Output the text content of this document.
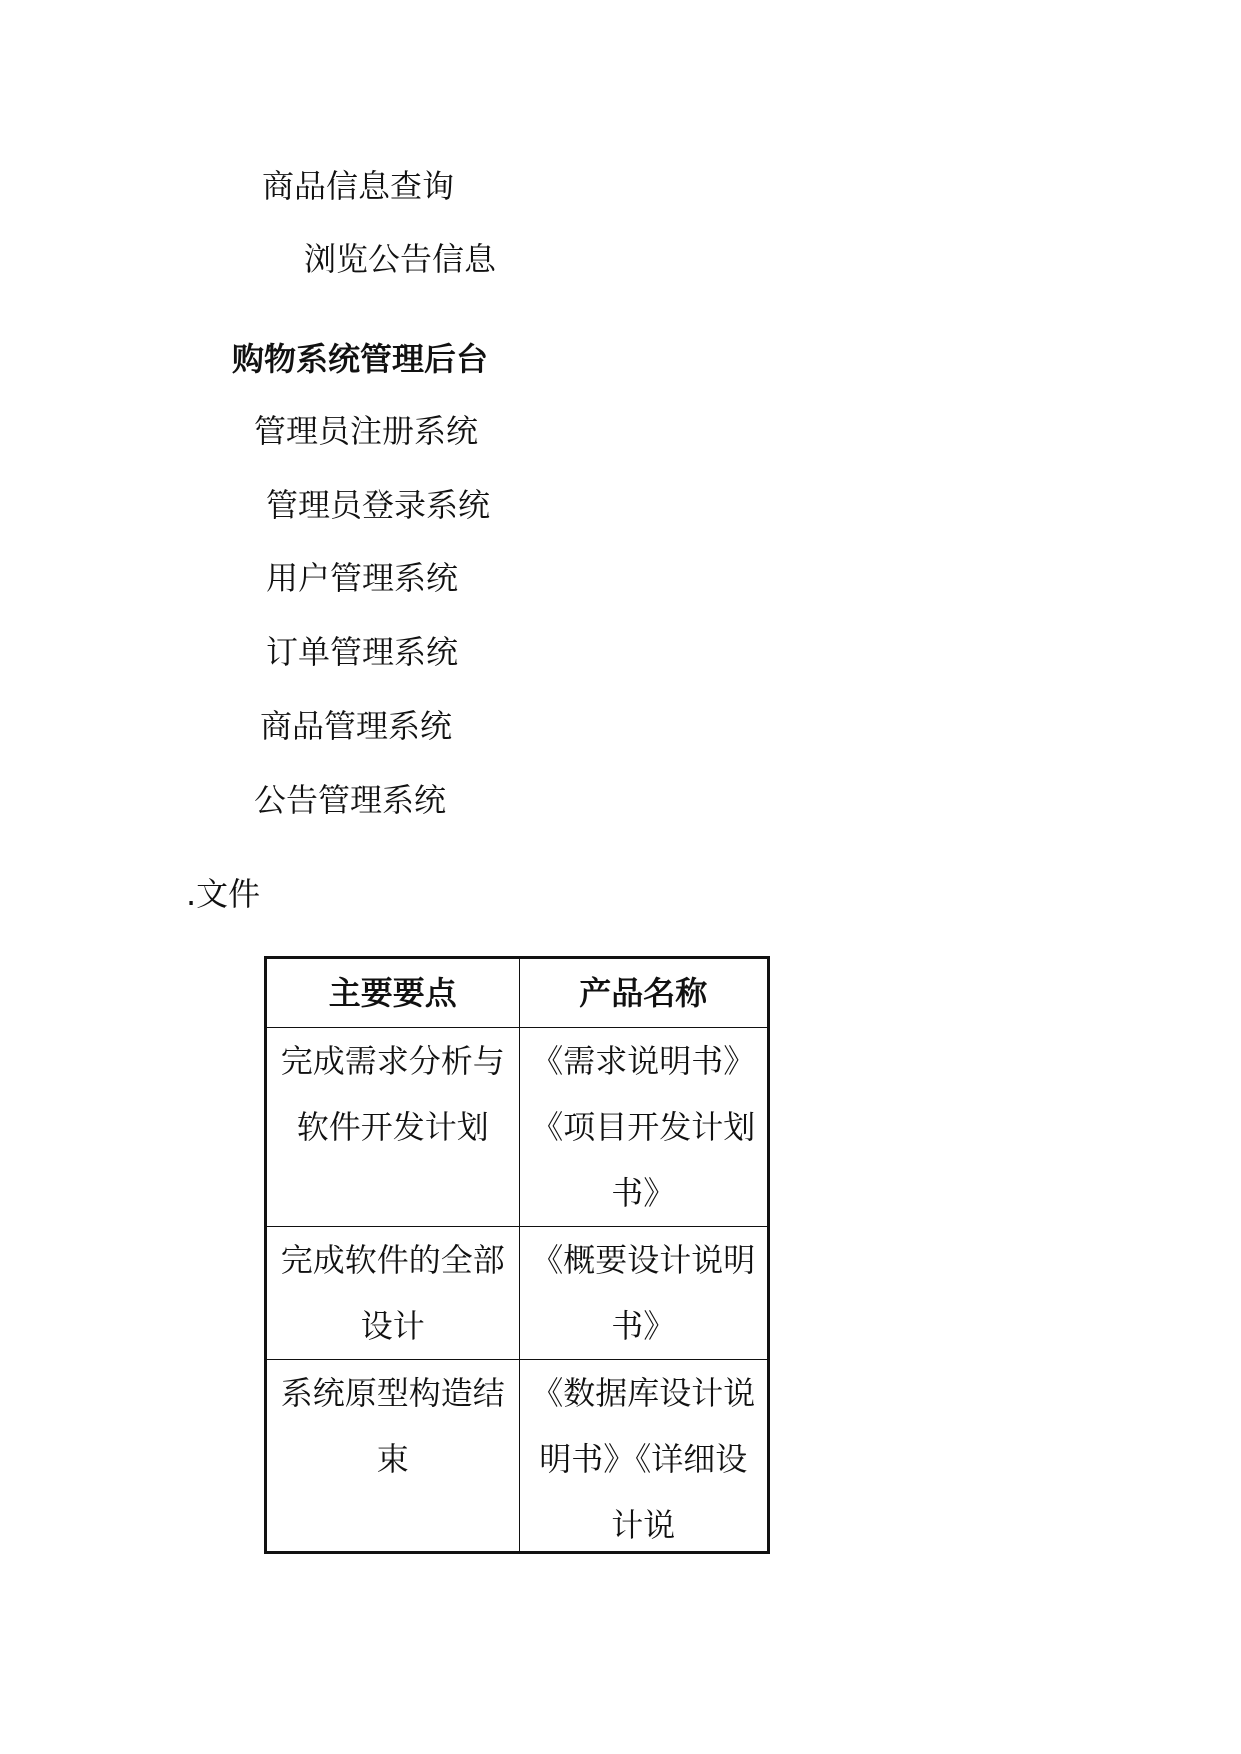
商品信息查询
浏览公告信息
购物系统管理后台
管理员注册系统
管理员登录系统
用户管理系统
订单管理系统
商品管理系统
公告管理系统
.文件
主要要点	产品名称
完成需求分析与软件开发计划	《需求说明书》《项目开发计划书》
完成软件的全部设计	《概要设计说明书》
系统原型构造结束	《数据库设计说明书》《详细设计说
